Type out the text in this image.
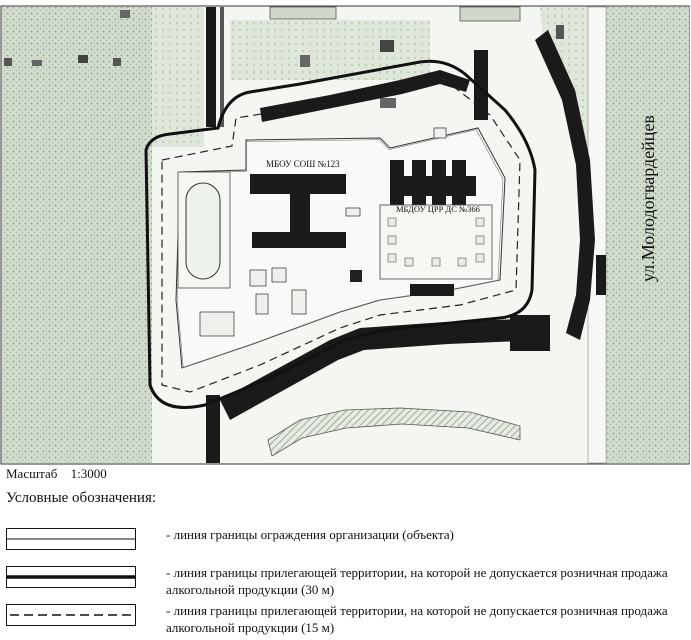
МБОУ СОШ №123
МБДОУ ЦРР ДС №366	ул.Молодогвардейцев
Масштаб 1:3000
Условные обозначения:
- линия границы ограждения организации (объекта)
- линия границы прилегающей территории, на которой не допускается розничная продажа алкогольной продукции (30 м)
- линия границы прилегающей территории, на которой не допускается розничная продажа алкогольной продукции (15 м)
